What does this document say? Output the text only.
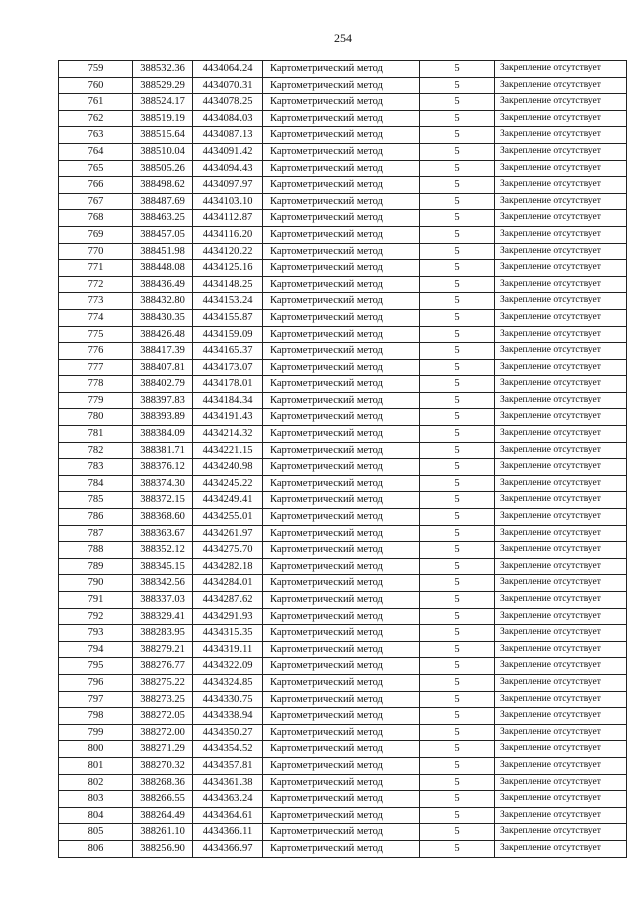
254
759	388532.36	4434064.24	Картометрический метод	5	Закрепление отсутствует
760	388529.29	4434070.31	Картометрический метод	5	Закрепление отсутствует
761	388524.17	4434078.25	Картометрический метод	5	Закрепление отсутствует
762	388519.19	4434084.03	Картометрический метод	5	Закрепление отсутствует
763	388515.64	4434087.13	Картометрический метод	5	Закрепление отсутствует
764	388510.04	4434091.42	Картометрический метод	5	Закрепление отсутствует
765	388505.26	4434094.43	Картометрический метод	5	Закрепление отсутствует
766	388498.62	4434097.97	Картометрический метод	5	Закрепление отсутствует
767	388487.69	4434103.10	Картометрический метод	5	Закрепление отсутствует
768	388463.25	4434112.87	Картометрический метод	5	Закрепление отсутствует
769	388457.05	4434116.20	Картометрический метод	5	Закрепление отсутствует
770	388451.98	4434120.22	Картометрический метод	5	Закрепление отсутствует
771	388448.08	4434125.16	Картометрический метод	5	Закрепление отсутствует
772	388436.49	4434148.25	Картометрический метод	5	Закрепление отсутствует
773	388432.80	4434153.24	Картометрический метод	5	Закрепление отсутствует
774	388430.35	4434155.87	Картометрический метод	5	Закрепление отсутствует
775	388426.48	4434159.09	Картометрический метод	5	Закрепление отсутствует
776	388417.39	4434165.37	Картометрический метод	5	Закрепление отсутствует
777	388407.81	4434173.07	Картометрический метод	5	Закрепление отсутствует
778	388402.79	4434178.01	Картометрический метод	5	Закрепление отсутствует
779	388397.83	4434184.34	Картометрический метод	5	Закрепление отсутствует
780	388393.89	4434191.43	Картометрический метод	5	Закрепление отсутствует
781	388384.09	4434214.32	Картометрический метод	5	Закрепление отсутствует
782	388381.71	4434221.15	Картометрический метод	5	Закрепление отсутствует
783	388376.12	4434240.98	Картометрический метод	5	Закрепление отсутствует
784	388374.30	4434245.22	Картометрический метод	5	Закрепление отсутствует
785	388372.15	4434249.41	Картометрический метод	5	Закрепление отсутствует
786	388368.60	4434255.01	Картометрический метод	5	Закрепление отсутствует
787	388363.67	4434261.97	Картометрический метод	5	Закрепление отсутствует
788	388352.12	4434275.70	Картометрический метод	5	Закрепление отсутствует
789	388345.15	4434282.18	Картометрический метод	5	Закрепление отсутствует
790	388342.56	4434284.01	Картометрический метод	5	Закрепление отсутствует
791	388337.03	4434287.62	Картометрический метод	5	Закрепление отсутствует
792	388329.41	4434291.93	Картометрический метод	5	Закрепление отсутствует
793	388283.95	4434315.35	Картометрический метод	5	Закрепление отсутствует
794	388279.21	4434319.11	Картометрический метод	5	Закрепление отсутствует
795	388276.77	4434322.09	Картометрический метод	5	Закрепление отсутствует
796	388275.22	4434324.85	Картометрический метод	5	Закрепление отсутствует
797	388273.25	4434330.75	Картометрический метод	5	Закрепление отсутствует
798	388272.05	4434338.94	Картометрический метод	5	Закрепление отсутствует
799	388272.00	4434350.27	Картометрический метод	5	Закрепление отсутствует
800	388271.29	4434354.52	Картометрический метод	5	Закрепление отсутствует
801	388270.32	4434357.81	Картометрический метод	5	Закрепление отсутствует
802	388268.36	4434361.38	Картометрический метод	5	Закрепление отсутствует
803	388266.55	4434363.24	Картометрический метод	5	Закрепление отсутствует
804	388264.49	4434364.61	Картометрический метод	5	Закрепление отсутствует
805	388261.10	4434366.11	Картометрический метод	5	Закрепление отсутствует
806	388256.90	4434366.97	Картометрический метод	5	Закрепление отсутствует
